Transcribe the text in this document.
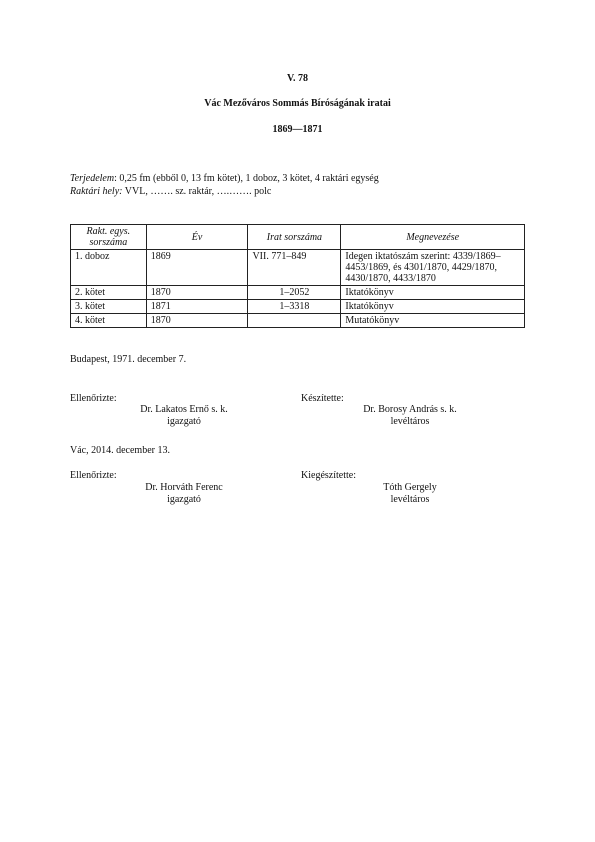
V. 78
Vác Mezőváros Sommás Bíróságának iratai
1869—1871
Terjedelem: 0,25 fm (ebből 0, 13 fm kötet), 1 doboz, 3 kötet, 4 raktári egység
Raktári hely: VVL, ……. sz. raktár, ….……. polc
Rakt. egys.
sorszáma	Év	Irat sorszáma	Megnevezése
1. doboz	1869	VII. 771–849	Idegen iktatószám szerint: 4339/1869–
4453/1869, és 4301/1870, 4429/1870,
4430/1870, 4433/1870
2. kötet	1870	1–2052	Iktatókönyv
3. kötet	1871	1–3318	Iktatókönyv
4. kötet	1870		Mutatókönyv
Budapest, 1971. december 7.
Ellenőrizte:
Dr. Lakatos Ernő s. k.
igazgató
Készítette:
Dr. Borosy András s. k.
levéltáros
Vác, 2014. december 13.
Ellenőrizte:
Dr. Horváth Ferenc
igazgató
Kiegészítette:
Tóth Gergely
levéltáros
